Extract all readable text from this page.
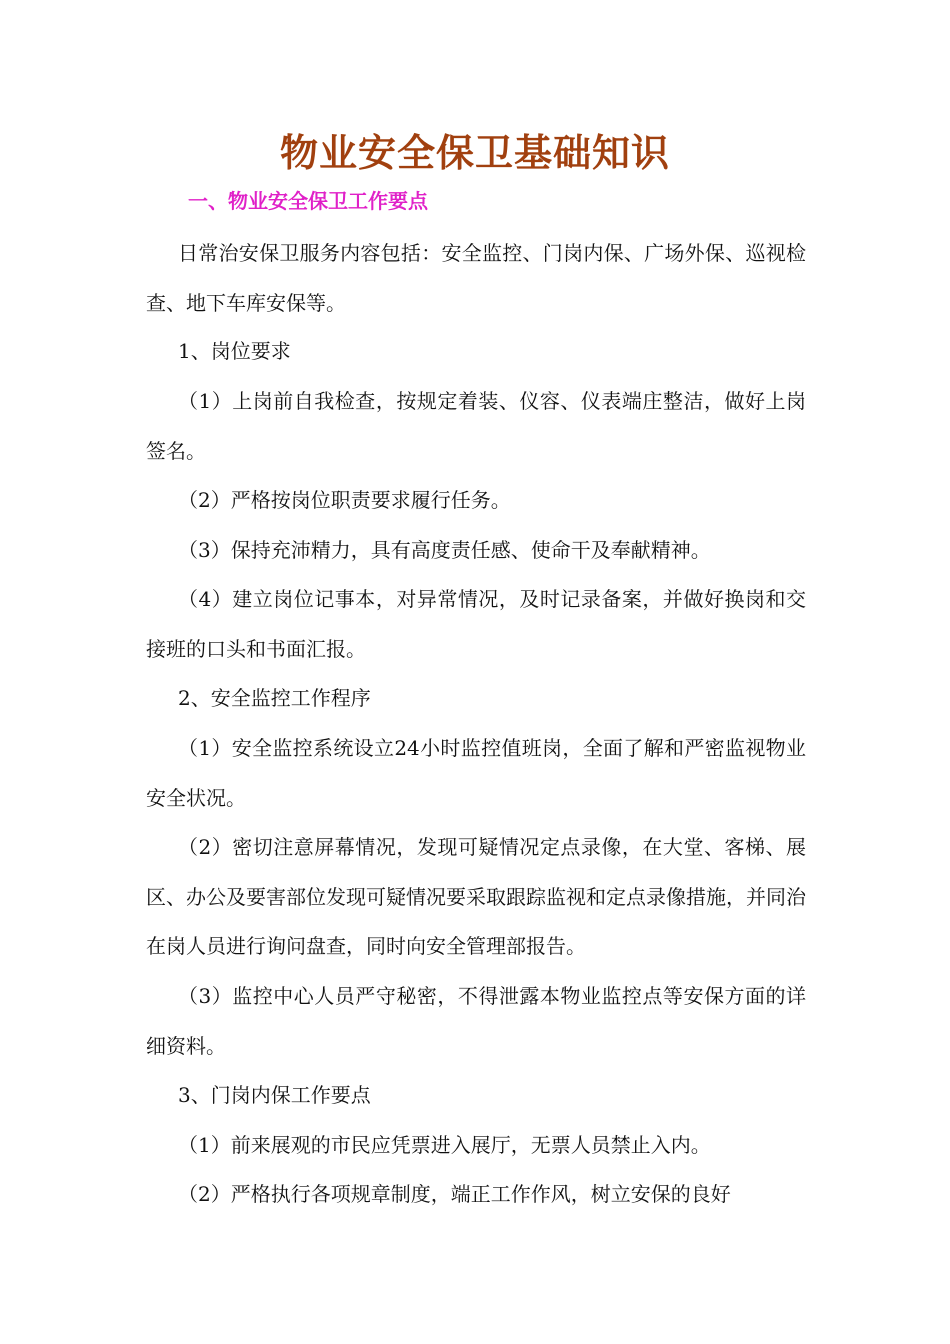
物业安全保卫基础知识
一、物业安全保卫工作要点
日常治安保卫服务内容包括：安全监控、门岗内保、广场外保、巡视检查、地下车库安保等。
1、岗位要求
（1）上岗前自我检查，按规定着装、仪容、仪表端庄整洁，做好上岗签名。
（2）严格按岗位职责要求履行任务。
（3）保持充沛精力，具有高度责任感、使命干及奉献精神。
（4）建立岗位记事本，对异常情况，及时记录备案，并做好换岗和交接班的口头和书面汇报。
2、安全监控工作程序
（1）安全监控系统设立24小时监控值班岗，全面了解和严密监视物业安全状况。
（2）密切注意屏幕情况，发现可疑情况定点录像，在大堂、客梯、展区、办公及要害部位发现可疑情况要采取跟踪监视和定点录像措施，并同治在岗人员进行询问盘查，同时向安全管理部报告。
（3）监控中心人员严守秘密，不得泄露本物业监控点等安保方面的详细资料。
3、门岗内保工作要点
（1）前来展观的市民应凭票进入展厅，无票人员禁止入内。
（2）严格执行各项规章制度，端正工作作风，树立安保的良好
